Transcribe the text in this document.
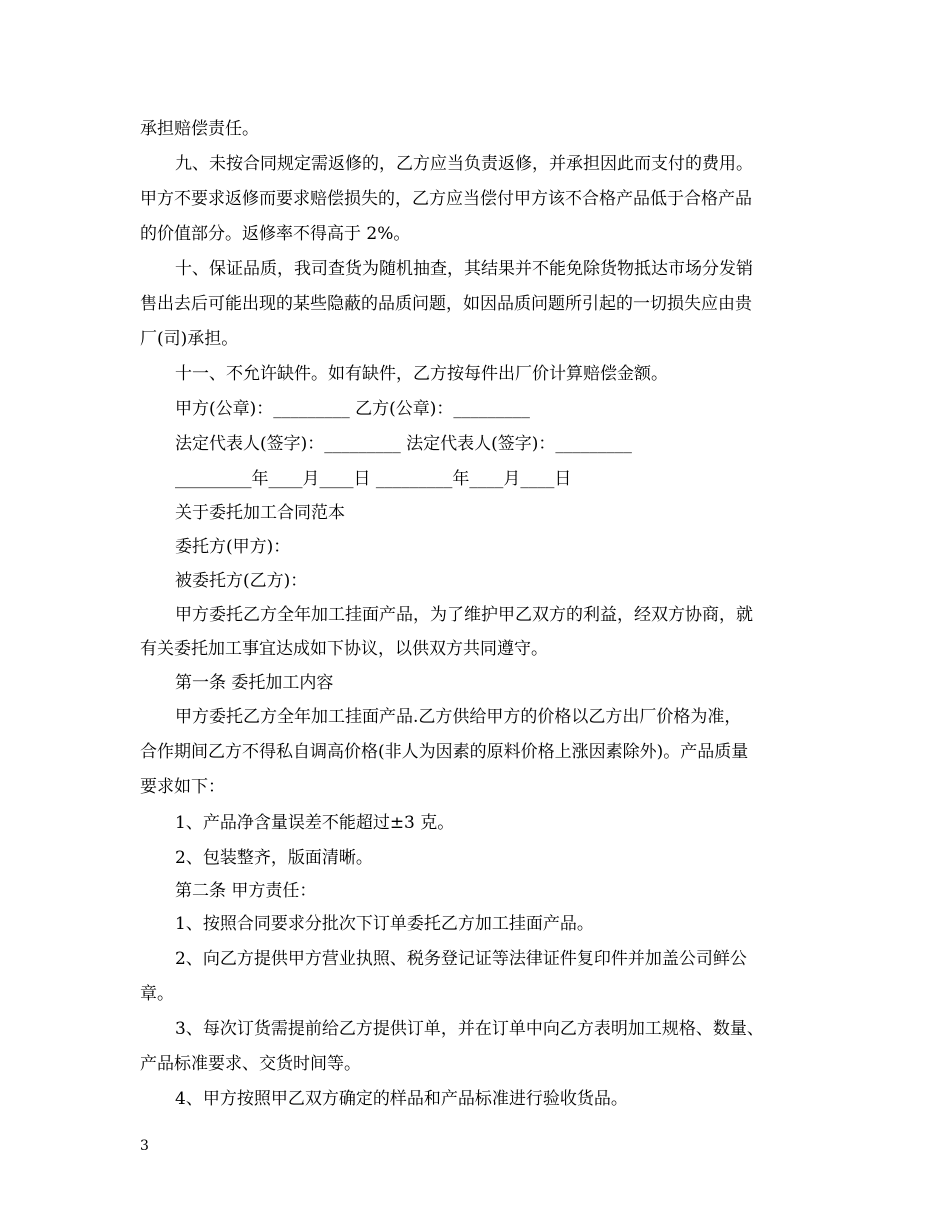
承担赔偿责任。
九、未按合同规定需返修的，乙方应当负责返修，并承担因此而支付的费用。
甲方不要求返修而要求赔偿损失的，乙方应当偿付甲方该不合格产品低于合格产品
的价值部分。返修率不得高于 2%。
十、保证品质，我司查货为随机抽查，其结果并不能免除货物抵达市场分发销
售出去后可能出现的某些隐蔽的品质问题，如因品质问题所引起的一切损失应由贵
厂(司)承担。
十一、不允许缺件。如有缺件，乙方按每件出厂价计算赔偿金额。
甲方(公章)：_________ 乙方(公章)：_________
法定代表人(签字)：_________ 法定代表人(签字)：_________
_________年____月____日 _________年____月____日
关于委托加工合同范本
委托方(甲方)：
被委托方(乙方)：
甲方委托乙方全年加工挂面产品，为了维护甲乙双方的利益，经双方协商，就
有关委托加工事宜达成如下协议，以供双方共同遵守。
第一条 委托加工内容
甲方委托乙方全年加工挂面产品.乙方供给甲方的价格以乙方出厂价格为准，
合作期间乙方不得私自调高价格(非人为因素的原料价格上涨因素除外)。产品质量
要求如下：
1、产品净含量误差不能超过±3 克。
2、包装整齐，版面清晰。
第二条 甲方责任：
1、按照合同要求分批次下订单委托乙方加工挂面产品。
2、向乙方提供甲方营业执照、税务登记证等法律证件复印件并加盖公司鲜公
章。
3、每次订货需提前给乙方提供订单，并在订单中向乙方表明加工规格、数量、
产品标准要求、交货时间等。
4、甲方按照甲乙双方确定的样品和产品标准进行验收货品。
3
